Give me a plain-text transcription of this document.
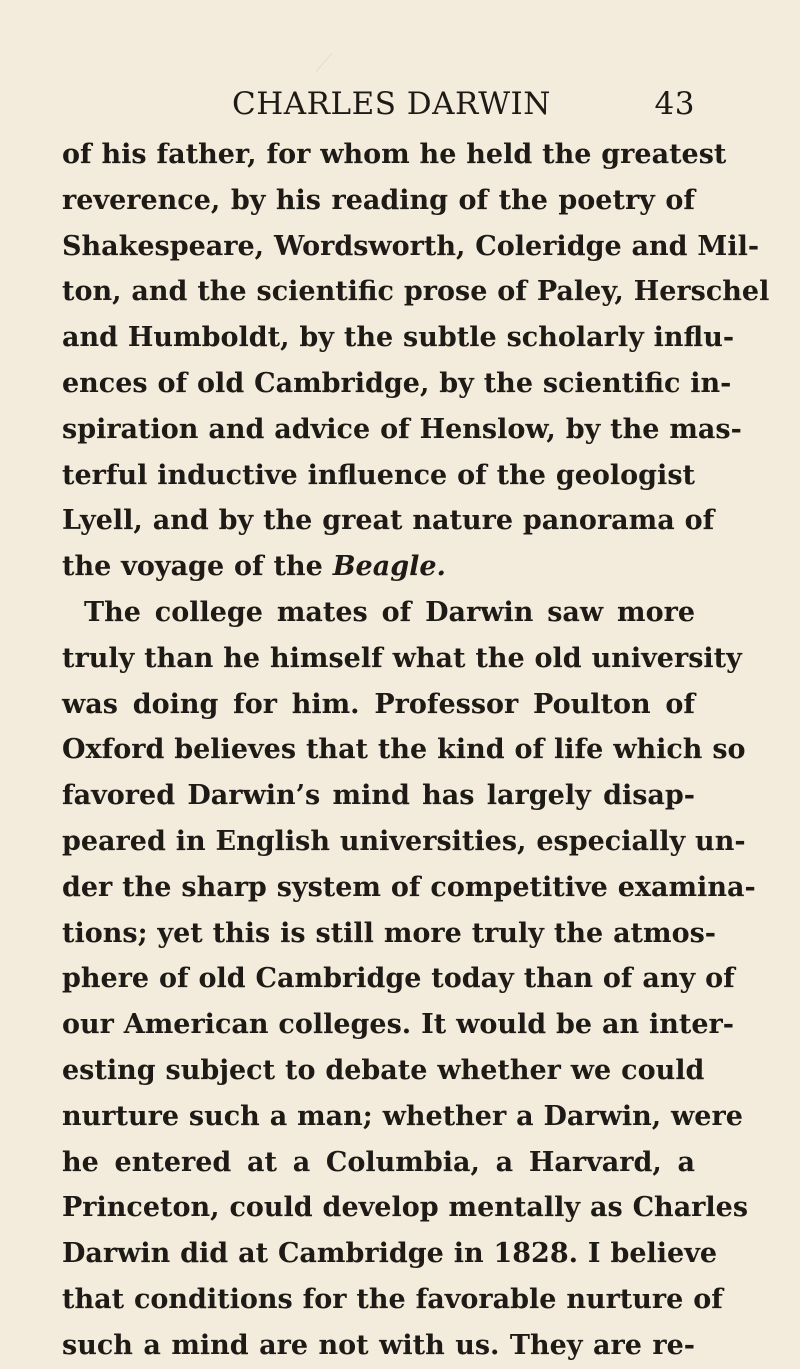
CHARLES DARWIN	43
of his father, for whom he held the greatest
reverence, by his reading of the poetry of
Shakespeare, Wordsworth, Coleridge and Mil-
ton, and the scientific prose of Paley, Herschel
and Humboldt, by the subtle scholarly influ-
ences of old Cambridge, by the scientific in-
spiration and advice of Henslow, by the mas-
terful inductive influence of the geologist
Lyell, and by the great nature panorama of
the voyage of the Beagle.
The college mates of Darwin saw more
truly than he himself what the old university
was doing for him. Professor Poulton of
Oxford believes that the kind of life which so
favored Darwin’s mind has largely disap-
peared in English universities, especially un-
der the sharp system of competitive examina-
tions; yet this is still more truly the atmos-
phere of old Cambridge today than of any of
our American colleges. It would be an inter-
esting subject to debate whether we could
nurture such a man; whether a Darwin, were
he entered at a Columbia, a Harvard, a
Princeton, could develop mentally as Charles
Darwin did at Cambridge in 1828. I believe
that conditions for the favorable nurture of
such a mind are not with us. They are re-
